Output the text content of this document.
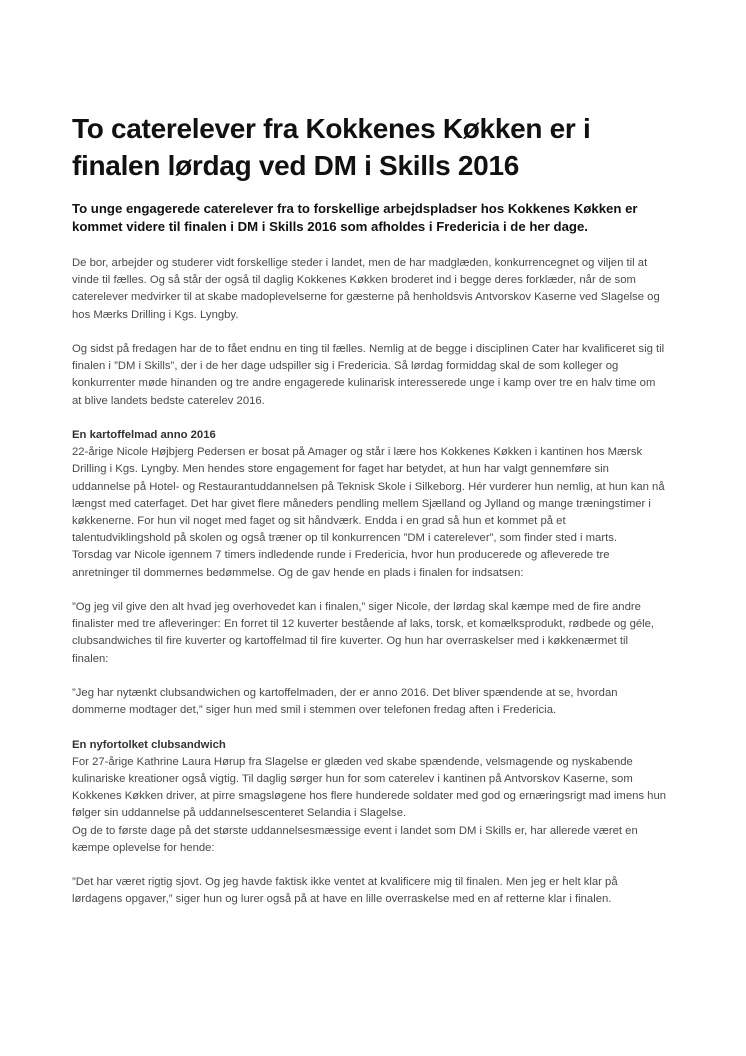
To caterelever fra Kokkenes Køkken er i
finalen lørdag ved DM i Skills 2016

To unge engagerede caterelever fra to forskellige arbejdspladser hos Kokkenes Køkken er kommet videre til finalen i DM i Skills 2016 som afholdes i Fredericia i de her dage.

De bor, arbejder og studerer vidt forskellige steder i landet, men de har madglæden, konkurrencegnet og viljen til at
vinde til fælles. Og så står der også til daglig Kokkenes Køkken broderet ind i begge deres forklæder, når de som
caterelever medvirker til at skabe madoplevelserne for gæsterne på henholdsvis Antvorskov Kaserne ved Slagelse og
hos Mærks Drilling i Kgs. Lyngby.

Og sidst på fredagen har de to fået endnu en ting til fælles. Nemlig at de begge i disciplinen Cater har kvalificeret sig til
finalen i ”DM i Skills”, der i de her dage udspiller sig i Fredericia. Så lørdag formiddag skal de som kolleger og
konkurrenter møde hinanden og tre andre engagerede kulinarisk interesserede unge i kamp over tre en halv time om
at blive landets bedste caterelev 2016.

En kartoffelmad anno 2016

22-årige Nicole Højbjerg Pedersen er bosat på Amager og står i lære hos Kokkenes Køkken i kantinen hos Mærsk
Drilling i Kgs. Lyngby. Men hendes store engagement for faget har betydet, at hun har valgt gennemføre sin
uddannelse på Hotel- og Restaurantuddannelsen på Teknisk Skole i Silkeborg. Hér vurderer hun nemlig, at hun kan nå
længst med caterfaget. Det har givet flere måneders pendling mellem Sjælland og Jylland og mange træningstimer i
køkkenerne. For hun vil noget med faget og sit håndværk. Endda i en grad så hun et kommet på et
talentudviklingshold på skolen og også træner op til konkurrencen ”DM i caterelever”, som finder sted i marts.
Torsdag var Nicole igennem 7 timers indledende runde i Fredericia, hvor hun producerede og afleverede tre
anretninger til dommernes bedømmelse. Og de gav hende en plads i finalen for indsatsen:

”Og jeg vil give den alt hvad jeg overhovedet kan i finalen,” siger Nicole, der lørdag skal kæmpe med de fire andre
finalister med tre afleveringer: En forret til 12 kuverter bestående af laks, torsk, et komælksprodukt, rødbede og géle,
clubsandwiches til fire kuverter og kartoffelmad til fire kuverter. Og hun har overraskelser med i køkkenærmet til
finalen:

”Jeg har nytænkt clubsandwichen og kartoffelmaden, der er anno 2016. Det bliver spændende at se, hvordan
dommerne modtager det,” siger hun med smil i stemmen over telefonen fredag aften i Fredericia.

En nyfortolket clubsandwich

For 27-årige Kathrine Laura Hørup fra Slagelse er glæden ved skabe spændende, velsmagende og nyskabende
kulinariske kreationer også vigtig. Til daglig sørger hun for som caterelev i kantinen på Antvorskov Kaserne, som
Kokkenes Køkken driver, at pirre smagsløgene hos flere hunderede soldater med god og ernæringsrigt mad imens hun
følger sin uddannelse på uddannelsescenteret Selandia i Slagelse.
Og de to første dage på det største uddannelsesmæssige event i landet som DM i Skills er, har allerede været en
kæmpe oplevelse for hende:

”Det har været rigtig sjovt. Og jeg havde faktisk ikke ventet at kvalificere mig til finalen. Men jeg er helt klar på
lørdagens opgaver,” siger hun og lurer også på at have en lille overraskelse med en af retterne klar i finalen.
